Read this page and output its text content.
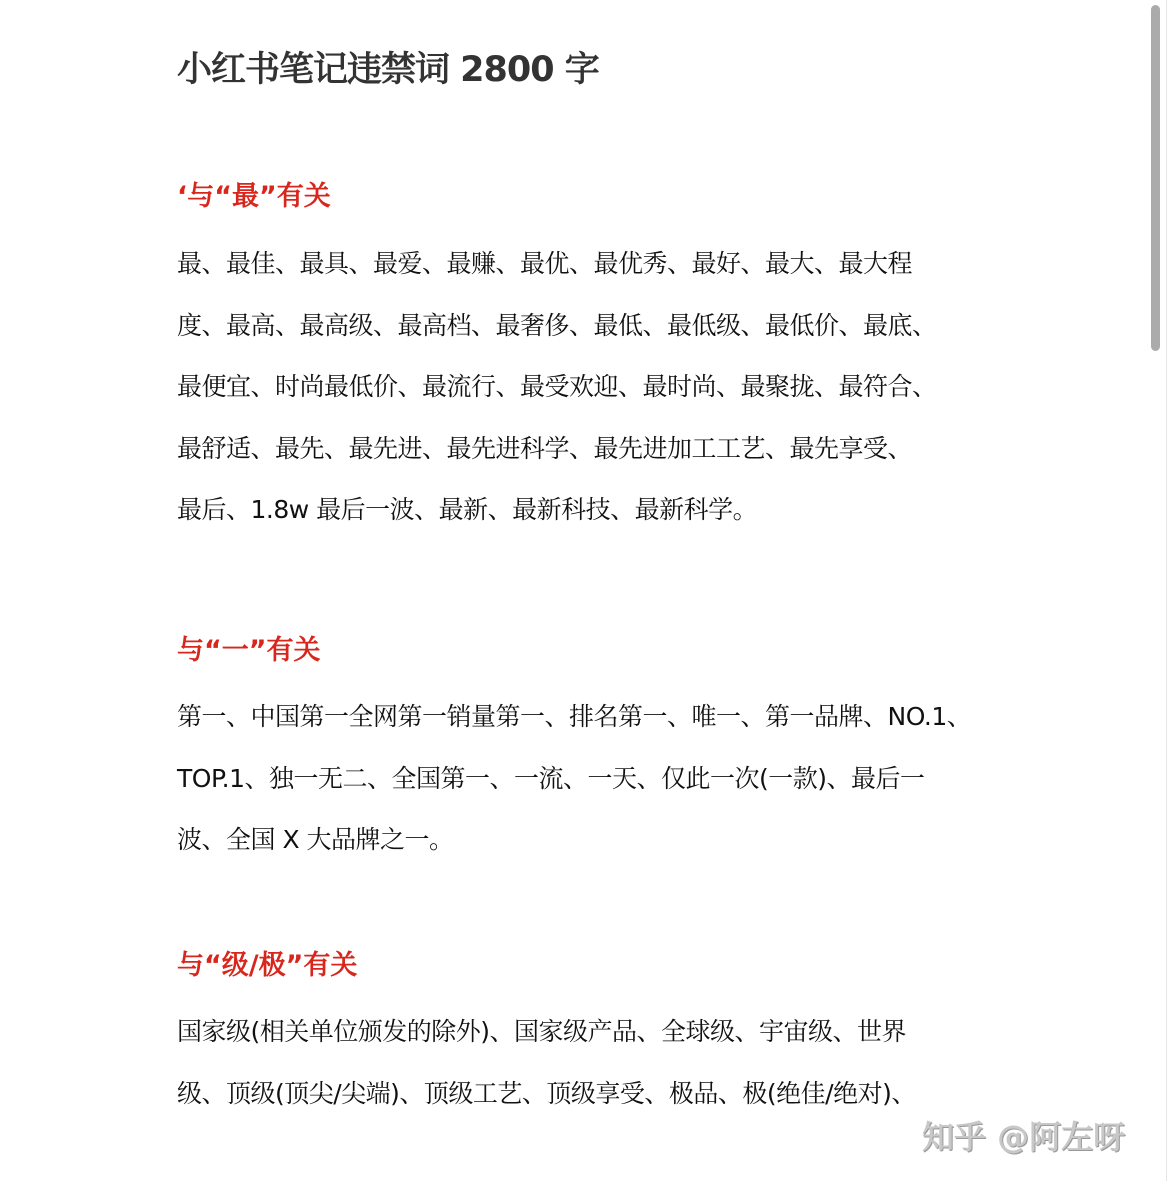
小红书笔记违禁词 2800 字
‘与“最”有关
最、最佳、最具、最爱、最赚、最优、最优秀、最好、最大、最大程
度、最高、最高级、最高档、最奢侈、最低、最低级、最低价、最底、
最便宜、时尚最低价、最流行、最受欢迎、最时尚、最聚拢、最符合、
最舒适、最先、最先进、最先进科学、最先进加工工艺、最先享受、
最后、1.8w 最后一波、最新、最新科技、最新科学。
与“一”有关
第一、中国第一全网第一销量第一、排名第一、唯一、第一品牌、NO.1、
TOP.1、独一无二、全国第一、一流、一天、仅此一次(一款)、最后一
波、全国 X 大品牌之一。
与“级/极”有关
国家级(相关单位颁发的除外)、国家级产品、全球级、宇宙级、世界
级、顶级(顶尖/尖端)、顶级工艺、顶级享受、极品、极(绝佳/绝对)、
知乎 @阿左呀
